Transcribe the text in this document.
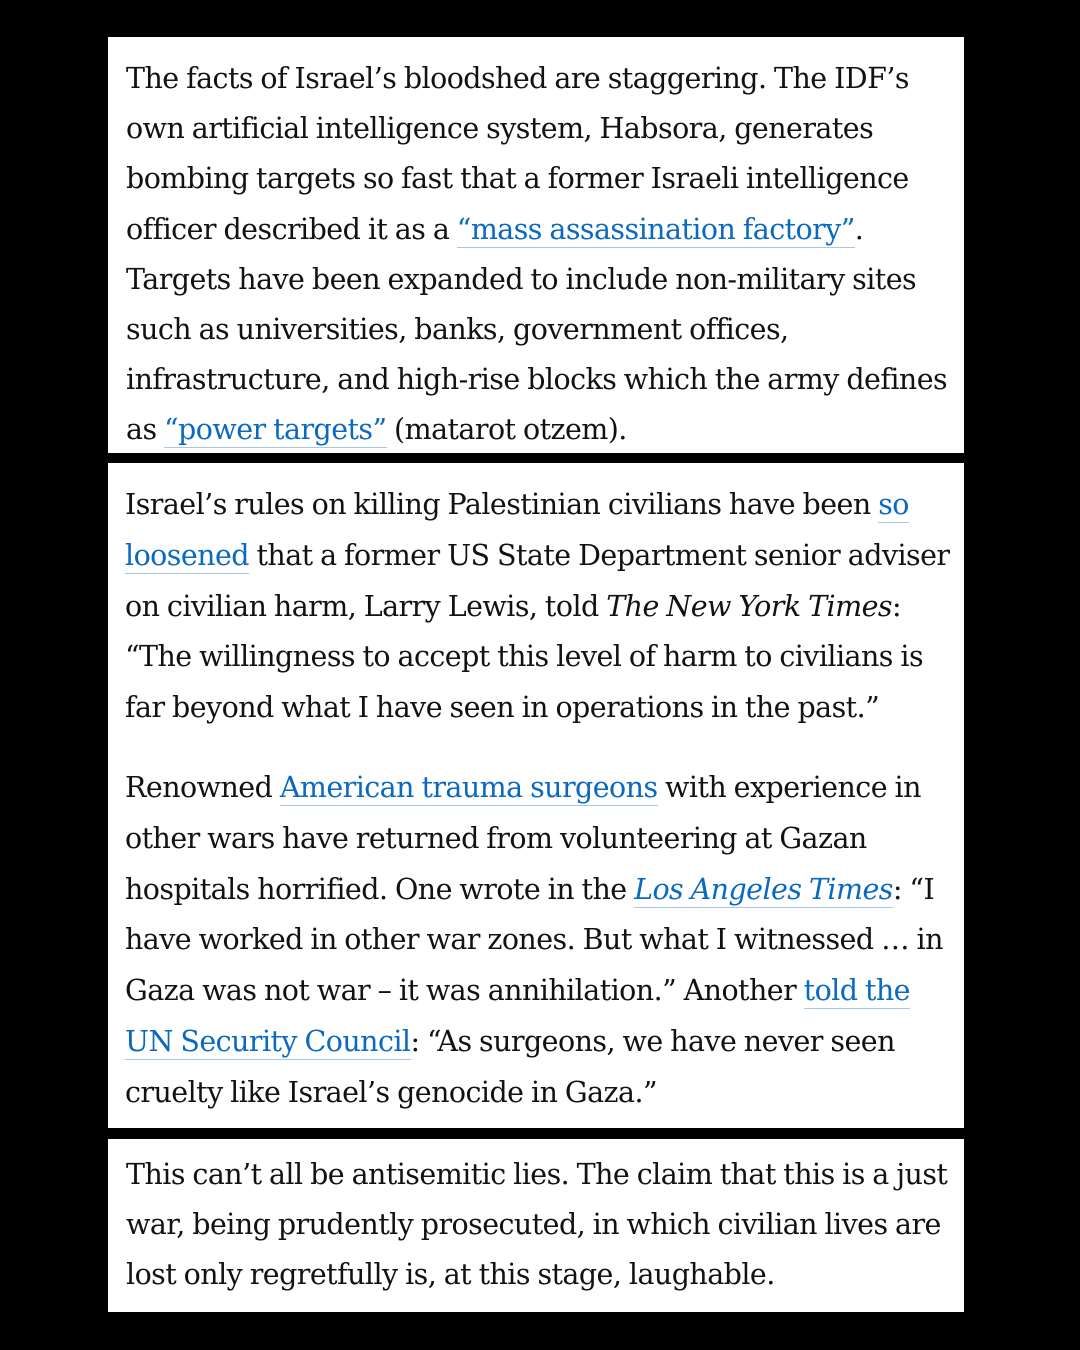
The facts of Israel’s bloodshed are staggering. The IDF’s own artificial intelligence system, Habsora, generates bombing targets so fast that a former Israeli intelligence officer described it as a “mass assassination factory”. Targets have been expanded to include non-military sites such as universities, banks, government offices, infrastructure, and high-rise blocks which the army defines as “power targets” (matarot otzem).

Israel’s rules on killing Palestinian civilians have been so loosened that a former US State Department senior adviser on civilian harm, Larry Lewis, told The New York Times: “The willingness to accept this level of harm to civilians is far beyond what I have seen in operations in the past.”

Renowned American trauma surgeons with experience in other wars have returned from volunteering at Gazan hospitals horrified. One wrote in the Los Angeles Times: “I have worked in other war zones. But what I witnessed … in Gaza was not war – it was annihilation.” Another told the UN Security Council: “As surgeons, we have never seen cruelty like Israel’s genocide in Gaza.”

This can’t all be antisemitic lies. The claim that this is a just war, being prudently prosecuted, in which civilian lives are lost only regretfully is, at this stage, laughable.
